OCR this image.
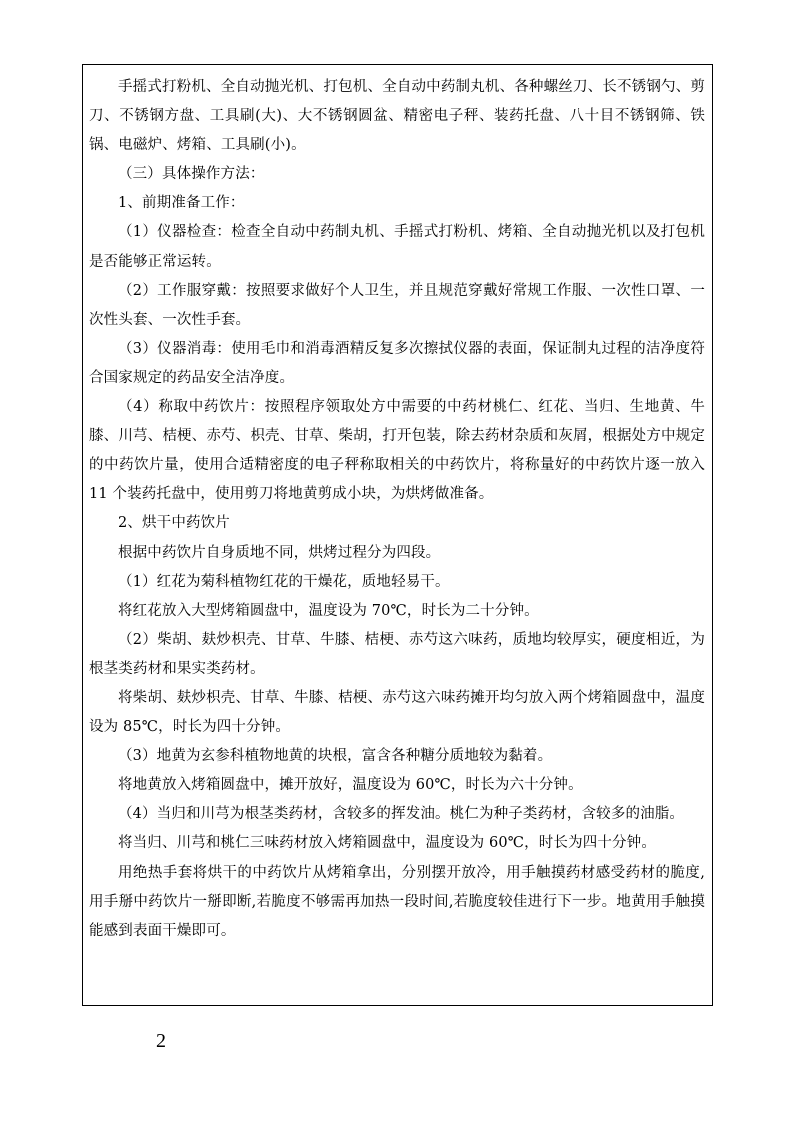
手摇式打粉机、全自动抛光机、打包机、全自动中药制丸机、各种螺丝刀、长不锈钢勺、剪刀、不锈钢方盘、工具刷(大)、大不锈钢圆盆、精密电子秤、装药托盘、八十目不锈钢筛、铁锅、电磁炉、烤箱、工具刷(小)。

（三）具体操作方法：

1、前期准备工作：

（1）仪器检查：检查全自动中药制丸机、手摇式打粉机、烤箱、全自动抛光机以及打包机是否能够正常运转。

（2）工作服穿戴：按照要求做好个人卫生，并且规范穿戴好常规工作服、一次性口罩、一次性头套、一次性手套。

（3）仪器消毒：使用毛巾和消毒酒精反复多次擦拭仪器的表面，保证制丸过程的洁净度符合国家规定的药品安全洁净度。

（4）称取中药饮片：按照程序领取处方中需要的中药材桃仁、红花、当归、生地黄、牛膝、川芎、桔梗、赤芍、枳壳、甘草、柴胡，打开包装，除去药材杂质和灰屑，根据处方中规定的中药饮片量，使用合适精密度的电子秤称取相关的中药饮片，将称量好的中药饮片逐一放入 11 个装药托盘中，使用剪刀将地黄剪成小块，为烘烤做准备。

2、烘干中药饮片

根据中药饮片自身质地不同，烘烤过程分为四段。

（1）红花为菊科植物红花的干燥花，质地轻易干。

将红花放入大型烤箱圆盘中，温度设为 70℃，时长为二十分钟。

（2）柴胡、麸炒枳壳、甘草、牛膝、桔梗、赤芍这六味药，质地均较厚实，硬度相近，为根茎类药材和果实类药材。

将柴胡、麸炒枳壳、甘草、牛膝、桔梗、赤芍这六味药摊开均匀放入两个烤箱圆盘中，温度设为 85℃，时长为四十分钟。

（3）地黄为玄参科植物地黄的块根，富含各种糖分质地较为黏着。

将地黄放入烤箱圆盘中，摊开放好，温度设为 60℃，时长为六十分钟。

（4）当归和川芎为根茎类药材，含较多的挥发油。桃仁为种子类药材，含较多的油脂。

将当归、川芎和桃仁三味药材放入烤箱圆盘中，温度设为 60℃，时长为四十分钟。

用绝热手套将烘干的中药饮片从烤箱拿出，分别摆开放冷，用手触摸药材感受药材的脆度,用手掰中药饮片一掰即断,若脆度不够需再加热一段时间,若脆度较佳进行下一步。地黄用手触摸能感到表面干燥即可。

2
